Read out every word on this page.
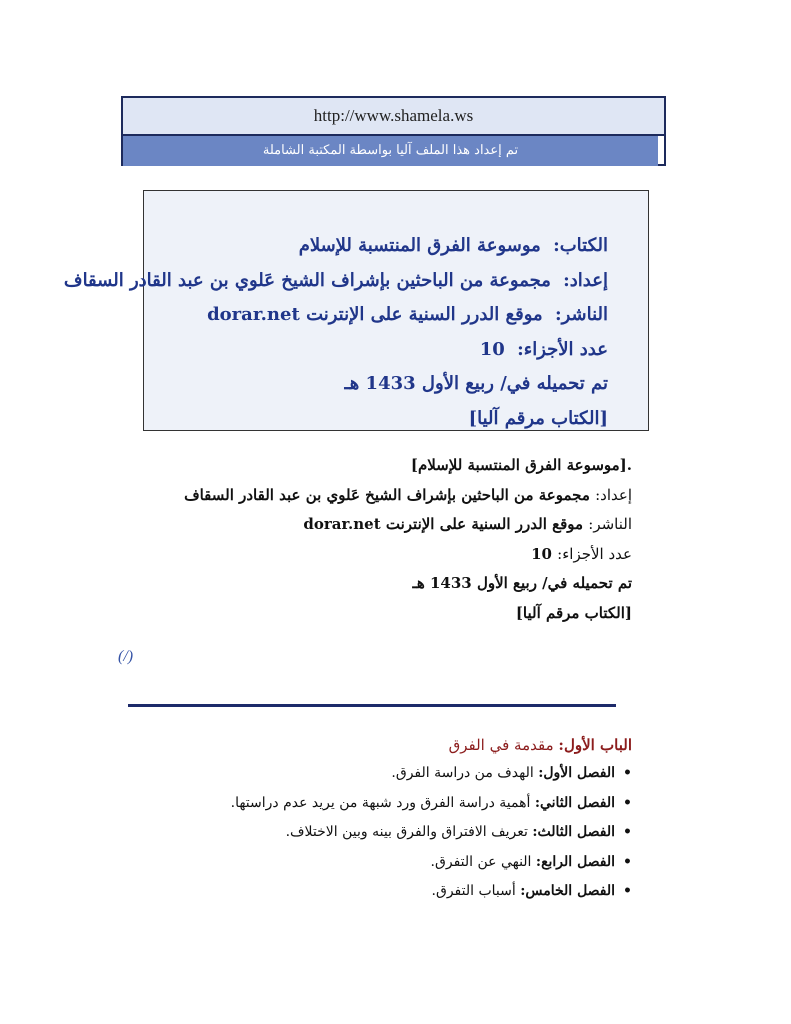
http://www.shamela.ws
تم إعداد هذا الملف آليا بواسطة المكتبة الشاملة
الكتاب: موسوعة الفرق المنتسبة للإسلام
إعداد: مجموعة من الباحثين بإشراف الشيخ عَلوي بن عبد القادر السقاف
الناشر: موقع الدرر السنية على الإنترنت dorar.net
عدد الأجزاء: 10
تم تحميله في/ ربيع الأول 1433 هـ
[الكتاب مرقم آليا]
.[موسوعة الفرق المنتسبة للإسلام]
إعداد: مجموعة من الباحثين بإشراف الشيخ عَلوي بن عبد القادر السقاف
الناشر: موقع الدرر السنية على الإنترنت dorar.net
عدد الأجزاء: 10
تم تحميله في/ ربيع الأول 1433 هـ
[الكتاب مرقم آليا]
(/)
الباب الأول: مقدمة في الفرق
•الفصل الأول: الهدف من دراسة الفرق.
•الفصل الثاني: أهمية دراسة الفرق ورد شبهة من يريد عدم دراستها.
•الفصل الثالث: تعريف الافتراق والفرق بينه وبين الاختلاف.
•الفصل الرابع: النهي عن التفرق.
•الفصل الخامس: أسباب التفرق.
